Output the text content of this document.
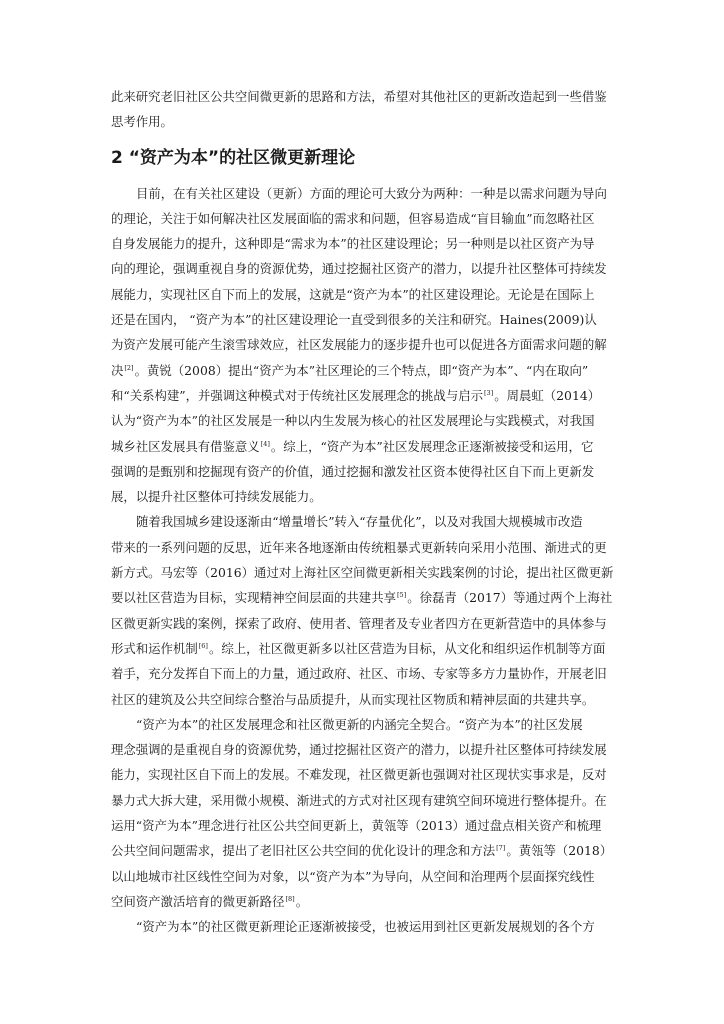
此来研究老旧社区公共空间微更新的思路和方法，希望对其他社区的更新改造起到一些借鉴
思考作用。
2 “资产为本”的社区微更新理论
目前，在有关社区建设（更新）方面的理论可大致分为两种：一种是以需求问题为导向
的理论，关注于如何解决社区发展面临的需求和问题，但容易造成“盲目输血”而忽略社区
自身发展能力的提升，这种即是“需求为本”的社区建设理论；另一种则是以社区资产为导
向的理论，强调重视自身的资源优势，通过挖掘社区资产的潜力，以提升社区整体可持续发
展能力，实现社区自下而上的发展，这就是“资产为本”的社区建设理论。无论是在国际上
还是在国内， “资产为本”的社区建设理论一直受到很多的关注和研究。Haines(2009)认
为资产发展可能产生滚雪球效应，社区发展能力的逐步提升也可以促进各方面需求问题的解
决[2]。黄锐（2008）提出“资产为本”社区理论的三个特点，即“资产为本”、“内在取向”
和“关系构建”，并强调这种模式对于传统社区发展理念的挑战与启示[3]。周晨虹（2014）
认为“资产为本”的社区发展是一种以内生发展为核心的社区发展理论与实践模式，对我国
城乡社区发展具有借鉴意义[4]。综上，“资产为本”社区发展理念正逐渐被接受和运用，它
强调的是甄别和挖掘现有资产的价值，通过挖掘和激发社区资本使得社区自下而上更新发
展，以提升社区整体可持续发展能力。
随着我国城乡建设逐渐由“增量增长”转入“存量优化”，以及对我国大规模城市改造
带来的一系列问题的反思，近年来各地逐渐由传统粗暴式更新转向采用小范围、渐进式的更
新方式。马宏等（2016）通过对上海社区空间微更新相关实践案例的讨论，提出社区微更新
要以社区营造为目标，实现精神空间层面的共建共享[5]。徐磊青（2017）等通过两个上海社
区微更新实践的案例，探索了政府、使用者、管理者及专业者四方在更新营造中的具体参与
形式和运作机制[6]。综上，社区微更新多以社区营造为目标，从文化和组织运作机制等方面
着手，充分发挥自下而上的力量，通过政府、社区、市场、专家等多方力量协作，开展老旧
社区的建筑及公共空间综合整治与品质提升，从而实现社区物质和精神层面的共建共享。
“资产为本”的社区发展理念和社区微更新的内涵完全契合。“资产为本”的社区发展
理念强调的是重视自身的资源优势，通过挖掘社区资产的潜力，以提升社区整体可持续发展
能力，实现社区自下而上的发展。不难发现，社区微更新也强调对社区现状实事求是，反对
暴力式大拆大建，采用微小规模、渐进式的方式对社区现有建筑空间环境进行整体提升。在
运用“资产为本”理念进行社区公共空间更新上，黄瓴等（2013）通过盘点相关资产和梳理
公共空间问题需求，提出了老旧社区公共空间的优化设计的理念和方法[7]。黄瓴等（2018）
以山地城市社区线性空间为对象，以“资产为本”为导向，从空间和治理两个层面探究线性
空间资产激活培育的微更新路径[8]。
“资产为本”的社区微更新理论正逐渐被接受，也被运用到社区更新发展规划的各个方
